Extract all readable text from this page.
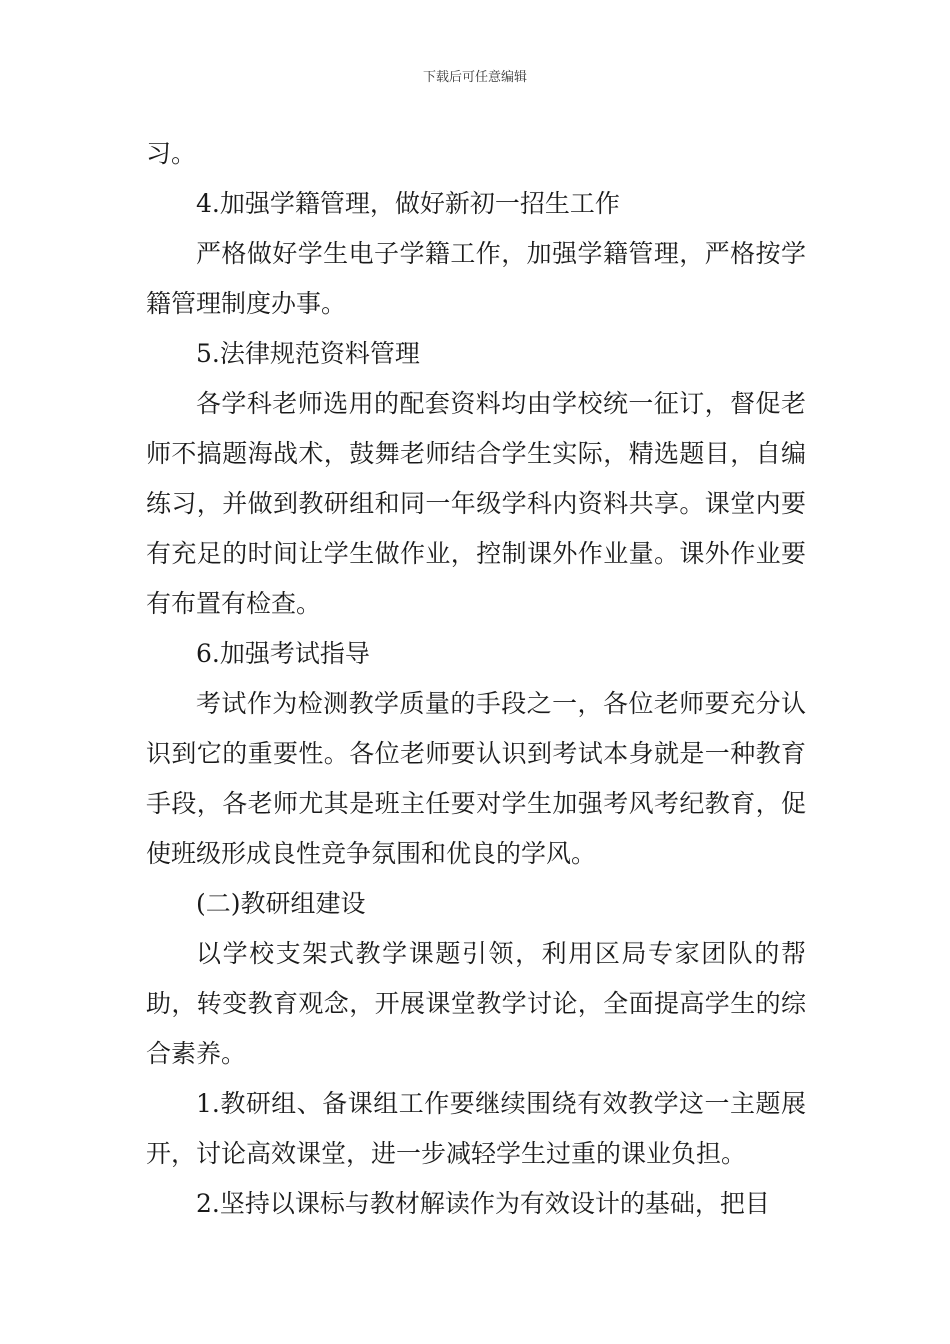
下载后可任意编辑

习。

4.加强学籍管理，做好新初一招生工作

严格做好学生电子学籍工作，加强学籍管理，严格按学籍管理制度办事。

5.法律规范资料管理

各学科老师选用的配套资料均由学校统一征订，督促老师不搞题海战术，鼓舞老师结合学生实际，精选题目，自编练习，并做到教研组和同一年级学科内资料共享。课堂内要有充足的时间让学生做作业，控制课外作业量。课外作业要有布置有检查。

6.加强考试指导

考试作为检测教学质量的手段之一，各位老师要充分认识到它的重要性。各位老师要认识到考试本身就是一种教育手段，各老师尤其是班主任要对学生加强考风考纪教育，促使班级形成良性竞争氛围和优良的学风。

(二)教研组建设

以学校支架式教学课题引领，利用区局专家团队的帮助，转变教育观念，开展课堂教学讨论，全面提高学生的综合素养。

1.教研组、备课组工作要继续围绕有效教学这一主题展开，讨论高效课堂，进一步减轻学生过重的课业负担。

2.坚持以课标与教材解读作为有效设计的基础，把目
